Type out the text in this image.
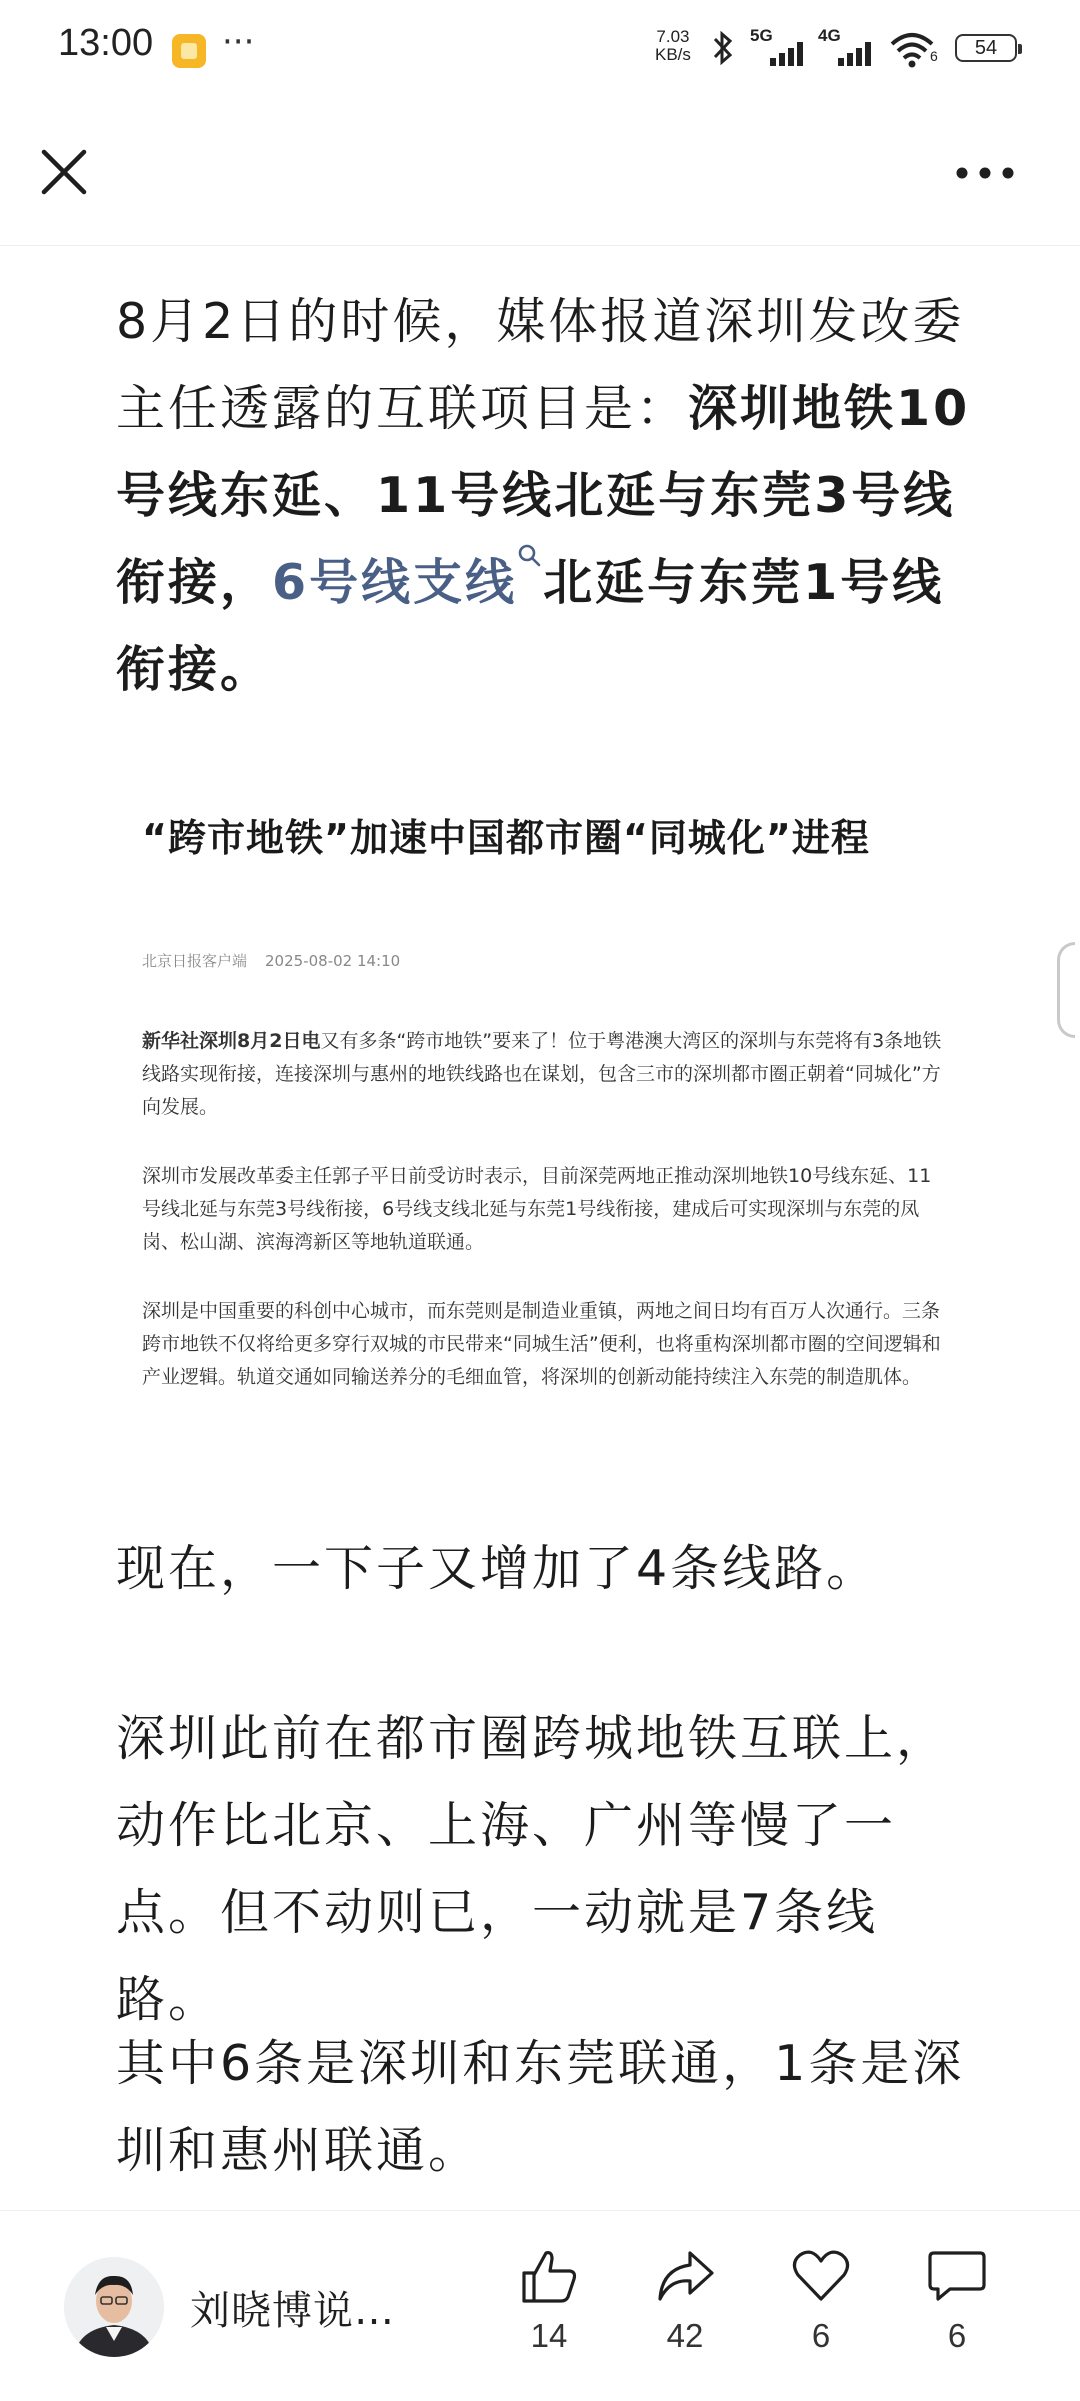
13:00 ···	7.03
KB/s
5G	4G
6	54

8月2日的时候，媒体报道深圳发改委主任透露的互联项目是：深圳地铁10号线东延、11号线北延与东莞3号线衔接，6号线支线 北延与东莞1号线衔接。

“跨市地铁”加速中国都市圈“同城化”进程
北京日报客户端 2025-08-02 14:10

新华社深圳8月2日电又有多条“跨市地铁”要来了！位于粤港澳大湾区的深圳与东莞将有3条地铁线路实现衔接，连接深圳与惠州的地铁线路也在谋划，包含三市的深圳都市圈正朝着“同城化”方向发展。

深圳市发展改革委主任郭子平日前受访时表示，目前深莞两地正推动深圳地铁10号线东延、11号线北延与东莞3号线衔接，6号线支线北延与东莞1号线衔接，建成后可实现深圳与东莞的凤岗、松山湖、滨海湾新区等地轨道联通。

深圳是中国重要的科创中心城市，而东莞则是制造业重镇，两地之间日均有百万人次通行。三条跨市地铁不仅将给更多穿行双城的市民带来“同城生活”便利，也将重构深圳都市圈的空间逻辑和产业逻辑。轨道交通如同输送养分的毛细血管，将深圳的创新动能持续注入东莞的制造肌体。

现在，一下子又增加了4条线路。

深圳此前在都市圈跨城地铁互联上，动作比北京、上海、广州等慢了一点。但不动则已，一动就是7条线路。

其中6条是深圳和东莞联通，1条是深圳和惠州联通。

刘晓博说…
14	42	6	6
